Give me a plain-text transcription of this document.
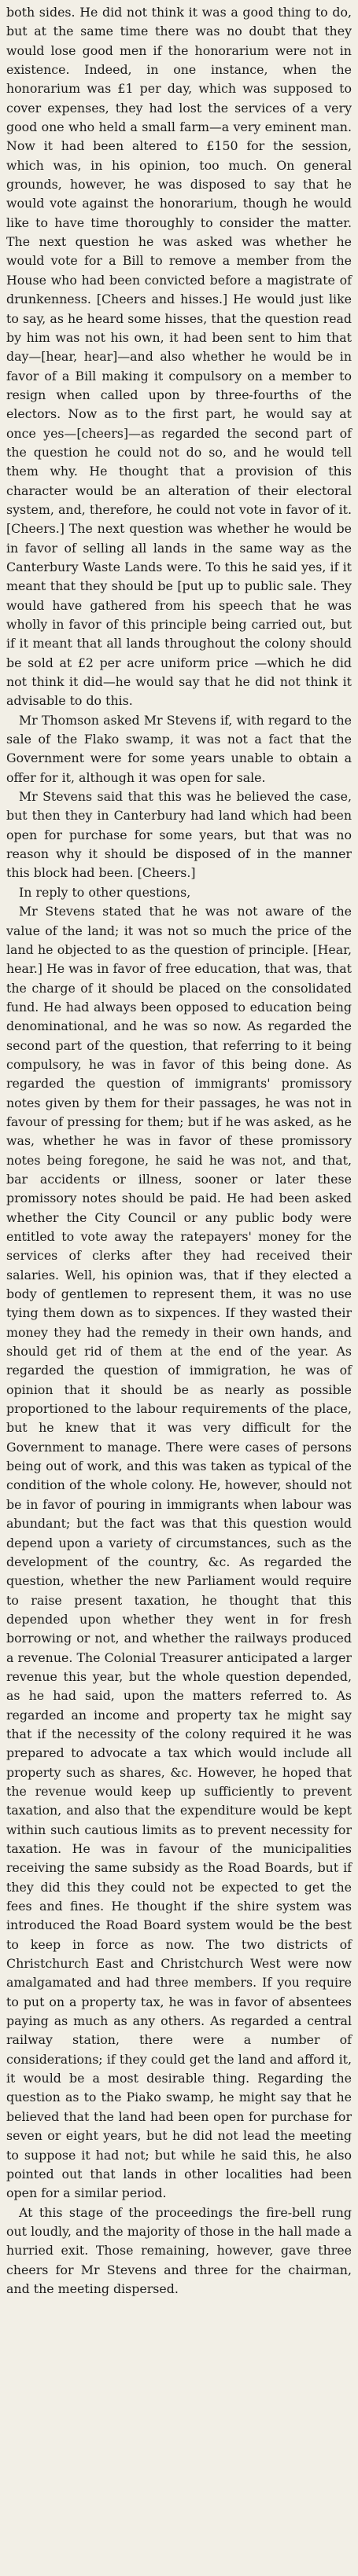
both sides. He did not think it was a good thing to do, but at the same time there was no doubt that they would lose good men if the honorarium were not in existence. Indeed, in one instance, when the honorarium was £1 per day, which was supposed to cover expenses, they had lost the services of a very good one who held a small farm—a very eminent man. Now it had been altered to £150 for the session, which was, in his opinion, too much. On general grounds, however, he was disposed to say that he would vote against the honorarium, though he would like to have time thoroughly to consider the matter. The next question he was asked was whether he would vote for a Bill to remove a member from the House who had been convicted before a magistrate of drunkenness. [Cheers and hisses.] He would just like to say, as he heard some hisses, that the question read by him was not his own, it had been sent to him that day—[hear, hear]—and also whether he would be in favor of a Bill making it compulsory on a member to resign when called upon by three-fourths of the electors. Now as to the first part, he would say at once yes—[cheers]—as regarded the second part of the question he could not do so, and he would tell them why. He thought that a provision of this character would be an alteration of their electoral system, and, therefore, he could not vote in favor of it. [Cheers.] The next question was whether he would be in favor of selling all lands in the same way as the Canterbury Waste Lands were. To this he said yes, if it meant that they should be [put up to public sale. They would have gathered from his speech that he was wholly in favor of this principle being carried out, but if it meant that all lands throughout the colony should be sold at £2 per acre uniform price —which he did not think it did—he would say that he did not think it advisable to do this.

Mr Thomson asked Mr Stevens if, with regard to the sale of the Flako swamp, it was not a fact that the Government were for some years unable to obtain a offer for it, although it was open for sale.

Mr Stevens said that this was he believed the case, but then they in Canterbury had land which had been open for purchase for some years, but that was no reason why it should be disposed of in the manner this block had been. [Cheers.]

In reply to other questions,

Mr Stevens stated that he was not aware of the value of the land; it was not so much the price of the land he objected to as the question of principle. [Hear, hear.] He was in favor of free education, that was, that the charge of it should be placed on the consolidated fund. He had always been opposed to education being denominational, and he was so now. As regarded the second part of the question, that referring to it being compulsory, he was in favor of this being done. As regarded the question of immigrants' promissory notes given by them for their passages, he was not in favour of pressing for them; but if he was asked, as he was, whether he was in favor of these promissory notes being foregone, he said he was not, and that, bar accidents or illness, sooner or later these promissory notes should be paid. He had been asked whether the City Council or any public body were entitled to vote away the ratepayers' money for the services of clerks after they had received their salaries. Well, his opinion was, that if they elected a body of gentlemen to represent them, it was no use tying them down as to sixpences. If they wasted their money they had the remedy in their own hands, and should get rid of them at the end of the year. As regarded the question of immigration, he was of opinion that it should be as nearly as possible proportioned to the labour requirements of the place, but he knew that it was very difficult for the Government to manage. There were cases of persons being out of work, and this was taken as typical of the condition of the whole colony. He, however, should not be in favor of pouring in immigrants when labour was abundant; but the fact was that this question would depend upon a variety of circumstances, such as the development of the country, &c. As regarded the question, whether the new Parliament would require to raise present taxation, he thought that this depended upon whether they went in for fresh borrowing or not, and whether the railways produced a revenue. The Colonial Treasurer anticipated a larger revenue this year, but the whole question depended, as he had said, upon the matters referred to. As regarded an income and property tax he might say that if the necessity of the colony required it he was prepared to advocate a tax which would include all property such as shares, &c. However, he hoped that the revenue would keep up sufficiently to prevent taxation, and also that the expenditure would be kept within such cautious limits as to prevent necessity for taxation. He was in favour of the municipalities receiving the same subsidy as the Road Boards, but if they did this they could not be expected to get the fees and fines. He thought if the shire system was introduced the Road Board system would be the best to keep in force as now. The two districts of Christchurch East and Christchurch West were now amalgamated and had three members. If you require to put on a property tax, he was in favor of absentees paying as much as any others. As regarded a central railway station, there were a number of considerations; if they could get the land and afford it, it would be a most desirable thing. Regarding the question as to the Piako swamp, he might say that he believed that the land had been open for purchase for seven or eight years, but he did not lead the meeting to suppose it had not; but while he said this, he also pointed out that lands in other localities had been open for a similar period.

At this stage of the proceedings the fire-bell rung out loudly, and the majority of those in the hall made a hurried exit. Those remaining, however, gave three cheers for Mr Stevens and three for the chairman, and the meeting dispersed.
